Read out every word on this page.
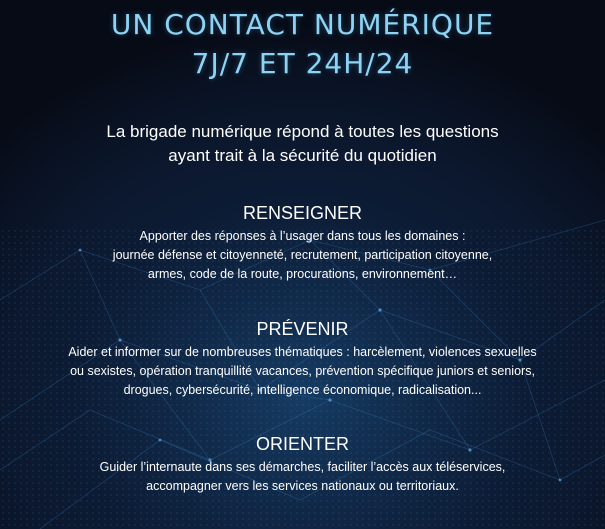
UN CONTACT NUMÉRIQUE
7J/7 ET 24H/24
La brigade numérique répond à toutes les questions
ayant trait à la sécurité du quotidien
RENSEIGNER
Apporter des réponses à l’usager dans tous les domaines :
journée défense et citoyenneté, recrutement, participation citoyenne,
armes, code de la route, procurations, environnement…
PRÉVENIR
Aider et informer sur de nombreuses thématiques : harcèlement, violences sexuelles
ou sexistes, opération tranquillité vacances, prévention spécifique juniors et seniors,
drogues, cybersécurité, intelligence économique, radicalisation...
ORIENTER
Guider l’internaute dans ses démarches, faciliter l’accès aux téléservices,
accompagner vers les services nationaux ou territoriaux.
